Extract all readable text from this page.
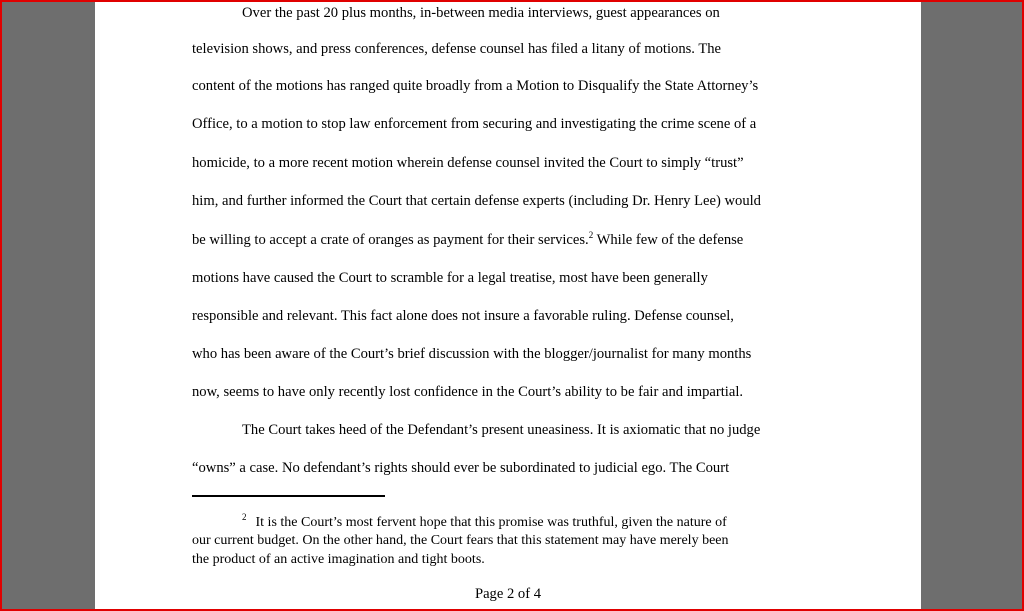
Over the past 20 plus months, in-between media interviews, guest appearances on
television shows, and press conferences, defense counsel has filed a litany of motions. The
content of the motions has ranged quite broadly from a Motion to Disqualify the State Attorney’s
Office, to a motion to stop law enforcement from securing and investigating the crime scene of a
homicide, to a more recent motion wherein defense counsel invited the Court to simply “trust”
him, and further informed the Court that certain defense experts (including Dr. Henry Lee) would
be willing to accept a crate of oranges as payment for their services.$^2$ While few of the defense
motions have caused the Court to scramble for a legal treatise, most have been generally
responsible and relevant. This fact alone does not insure a favorable ruling. Defense counsel,
who has been aware of the Court’s brief discussion with the blogger/journalist for many months
now, seems to have only recently lost confidence in the Court’s ability to be fair and impartial.
The Court takes heed of the Defendant’s present uneasiness. It is axiomatic that no judge
“owns” a case. No defendant’s rights should ever be subordinated to judicial ego. The Court
$^2$ It is the Court’s most fervent hope that this promise was truthful, given the nature of
our current budget. On the other hand, the Court fears that this statement may have merely been
the product of an active imagination and tight boots.
Page 2 of 4
